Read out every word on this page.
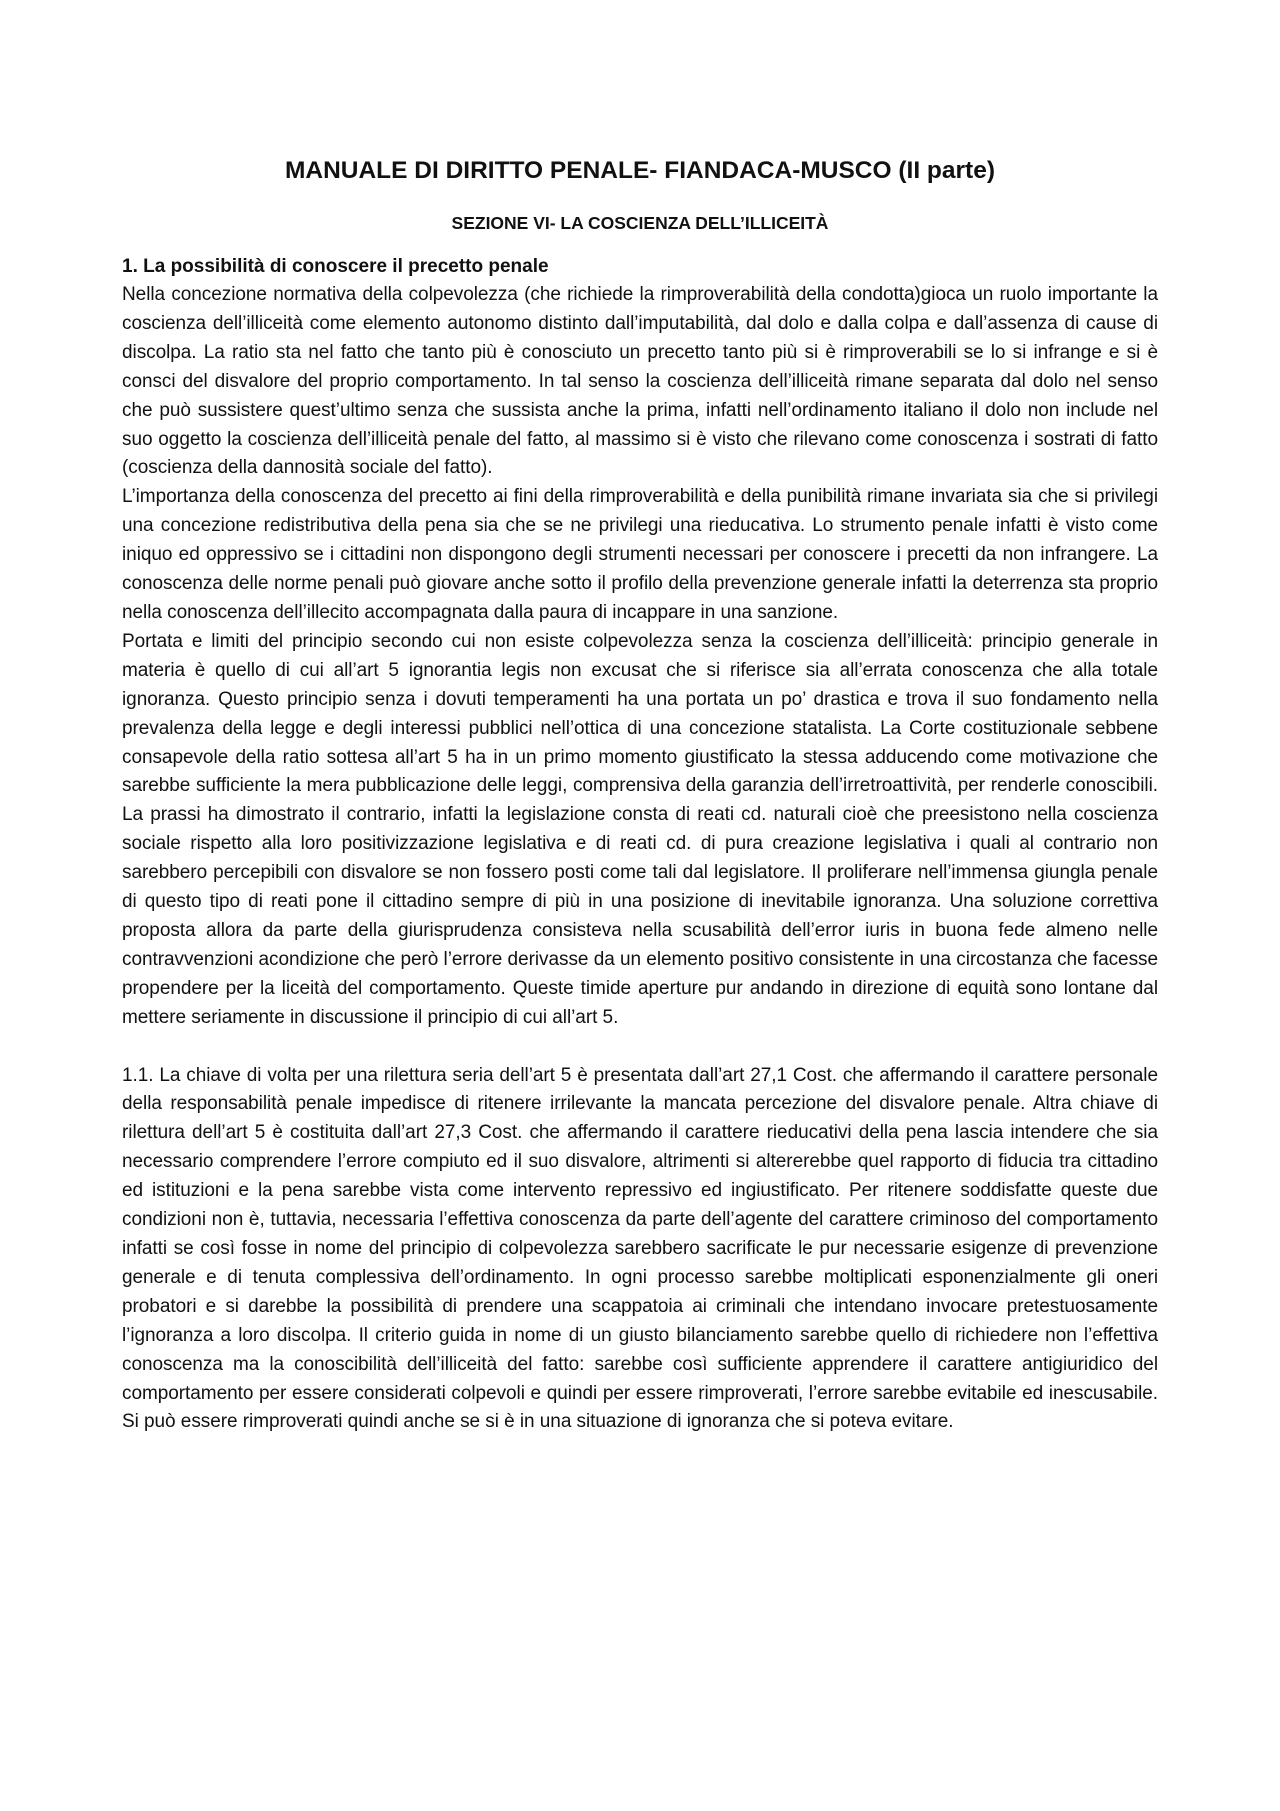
MANUALE DI DIRITTO PENALE- FIANDACA-MUSCO (II parte)
SEZIONE VI- LA COSCIENZA DELL’ILLICEITÀ
1. La possibilità di conoscere il precetto penale

Nella concezione normativa della colpevolezza (che richiede la rimproverabilità della condotta)gioca un ruolo importante la coscienza dell’illiceità come elemento autonomo distinto dall’imputabilità, dal dolo e dalla colpa e dall’assenza di cause di discolpa. La ratio sta nel fatto che tanto più è conosciuto un precetto tanto più si è rimproverabili se lo si infrange e si è consci del disvalore del proprio comportamento. In tal senso la coscienza dell’illiceità rimane separata dal dolo nel senso che può sussistere quest’ultimo senza che sussista anche la prima, infatti nell’ordinamento italiano il dolo non include nel suo oggetto la coscienza dell’illiceità penale del fatto, al massimo si è visto che rilevano come conoscenza i sostrati di fatto (coscienza della dannosità sociale del fatto).

L’importanza della conoscenza del precetto ai fini della rimproverabilità e della punibilità rimane invariata sia che si privilegi una concezione redistributiva della pena sia che se ne privilegi una rieducativa. Lo strumento penale infatti è visto come iniquo ed oppressivo se i cittadini non dispongono degli strumenti necessari per conoscere i precetti da non infrangere. La conoscenza delle norme penali può giovare anche sotto il profilo della prevenzione generale infatti la deterrenza sta proprio nella conoscenza dell’illecito accompagnata dalla paura di incappare in una sanzione.

Portata e limiti del principio secondo cui non esiste colpevolezza senza la coscienza dell’illiceità: principio generale in materia è quello di cui all’art 5 ignorantia legis non excusat che si riferisce sia all’errata conoscenza che alla totale ignoranza. Questo principio senza i dovuti temperamenti ha una portata un po’ drastica e trova il suo fondamento nella prevalenza della legge e degli interessi pubblici nell’ottica di una concezione statalista. La Corte costituzionale sebbene consapevole della ratio sottesa all’art 5 ha in un primo momento giustificato la stessa adducendo come motivazione che sarebbe sufficiente la mera pubblicazione delle leggi, comprensiva della garanzia dell’irretroattività, per renderle conoscibili. La prassi ha dimostrato il contrario, infatti la legislazione consta di reati cd. naturali cioè che preesistono nella coscienza sociale rispetto alla loro positivizzazione legislativa e di reati cd. di pura creazione legislativa i quali al contrario non sarebbero percepibili con disvalore se non fossero posti come tali dal legislatore. Il proliferare nell’immensa giungla penale di questo tipo di reati pone il cittadino sempre di più in una posizione di inevitabile ignoranza. Una soluzione correttiva proposta allora da parte della giurisprudenza consisteva nella scusabilità dell’error iuris in buona fede almeno nelle contravvenzioni acondizione che però l’errore derivasse da un elemento positivo consistente in una circostanza che facesse propendere per la liceità del comportamento. Queste timide aperture pur andando in direzione di equità sono lontane dal mettere seriamente in discussione il principio di cui all’art 5.

1.1. La chiave di volta per una rilettura seria dell’art 5 è presentata dall’art 27,1 Cost. che affermando il carattere personale della responsabilità penale impedisce di ritenere irrilevante la mancata percezione del disvalore penale. Altra chiave di rilettura dell’art 5 è costituita dall’art 27,3 Cost. che affermando il carattere rieducativi della pena lascia intendere che sia necessario comprendere l’errore compiuto ed il suo disvalore, altrimenti si altererebbe quel rapporto di fiducia tra cittadino ed istituzioni e la pena sarebbe vista come intervento repressivo ed ingiustificato. Per ritenere soddisfatte queste due condizioni non è, tuttavia, necessaria l’effettiva conoscenza da parte dell’agente del carattere criminoso del comportamento infatti se così fosse in nome del principio di colpevolezza sarebbero sacrificate le pur necessarie esigenze di prevenzione generale e di tenuta complessiva dell’ordinamento. In ogni processo sarebbe moltiplicati esponenzialmente gli oneri probatori e si darebbe la possibilità di prendere una scappatoia ai criminali che intendano invocare pretestuosamente l’ignoranza a loro discolpa. Il criterio guida in nome di un giusto bilanciamento sarebbe quello di richiedere non l’effettiva conoscenza ma la conoscibilità dell’illiceità del fatto: sarebbe così sufficiente apprendere il carattere antigiuridico del comportamento per essere considerati colpevoli e quindi per essere rimproverati, l’errore sarebbe evitabile ed inescusabile. Si può essere rimproverati quindi anche se si è in una situazione di ignoranza che si poteva evitare.
